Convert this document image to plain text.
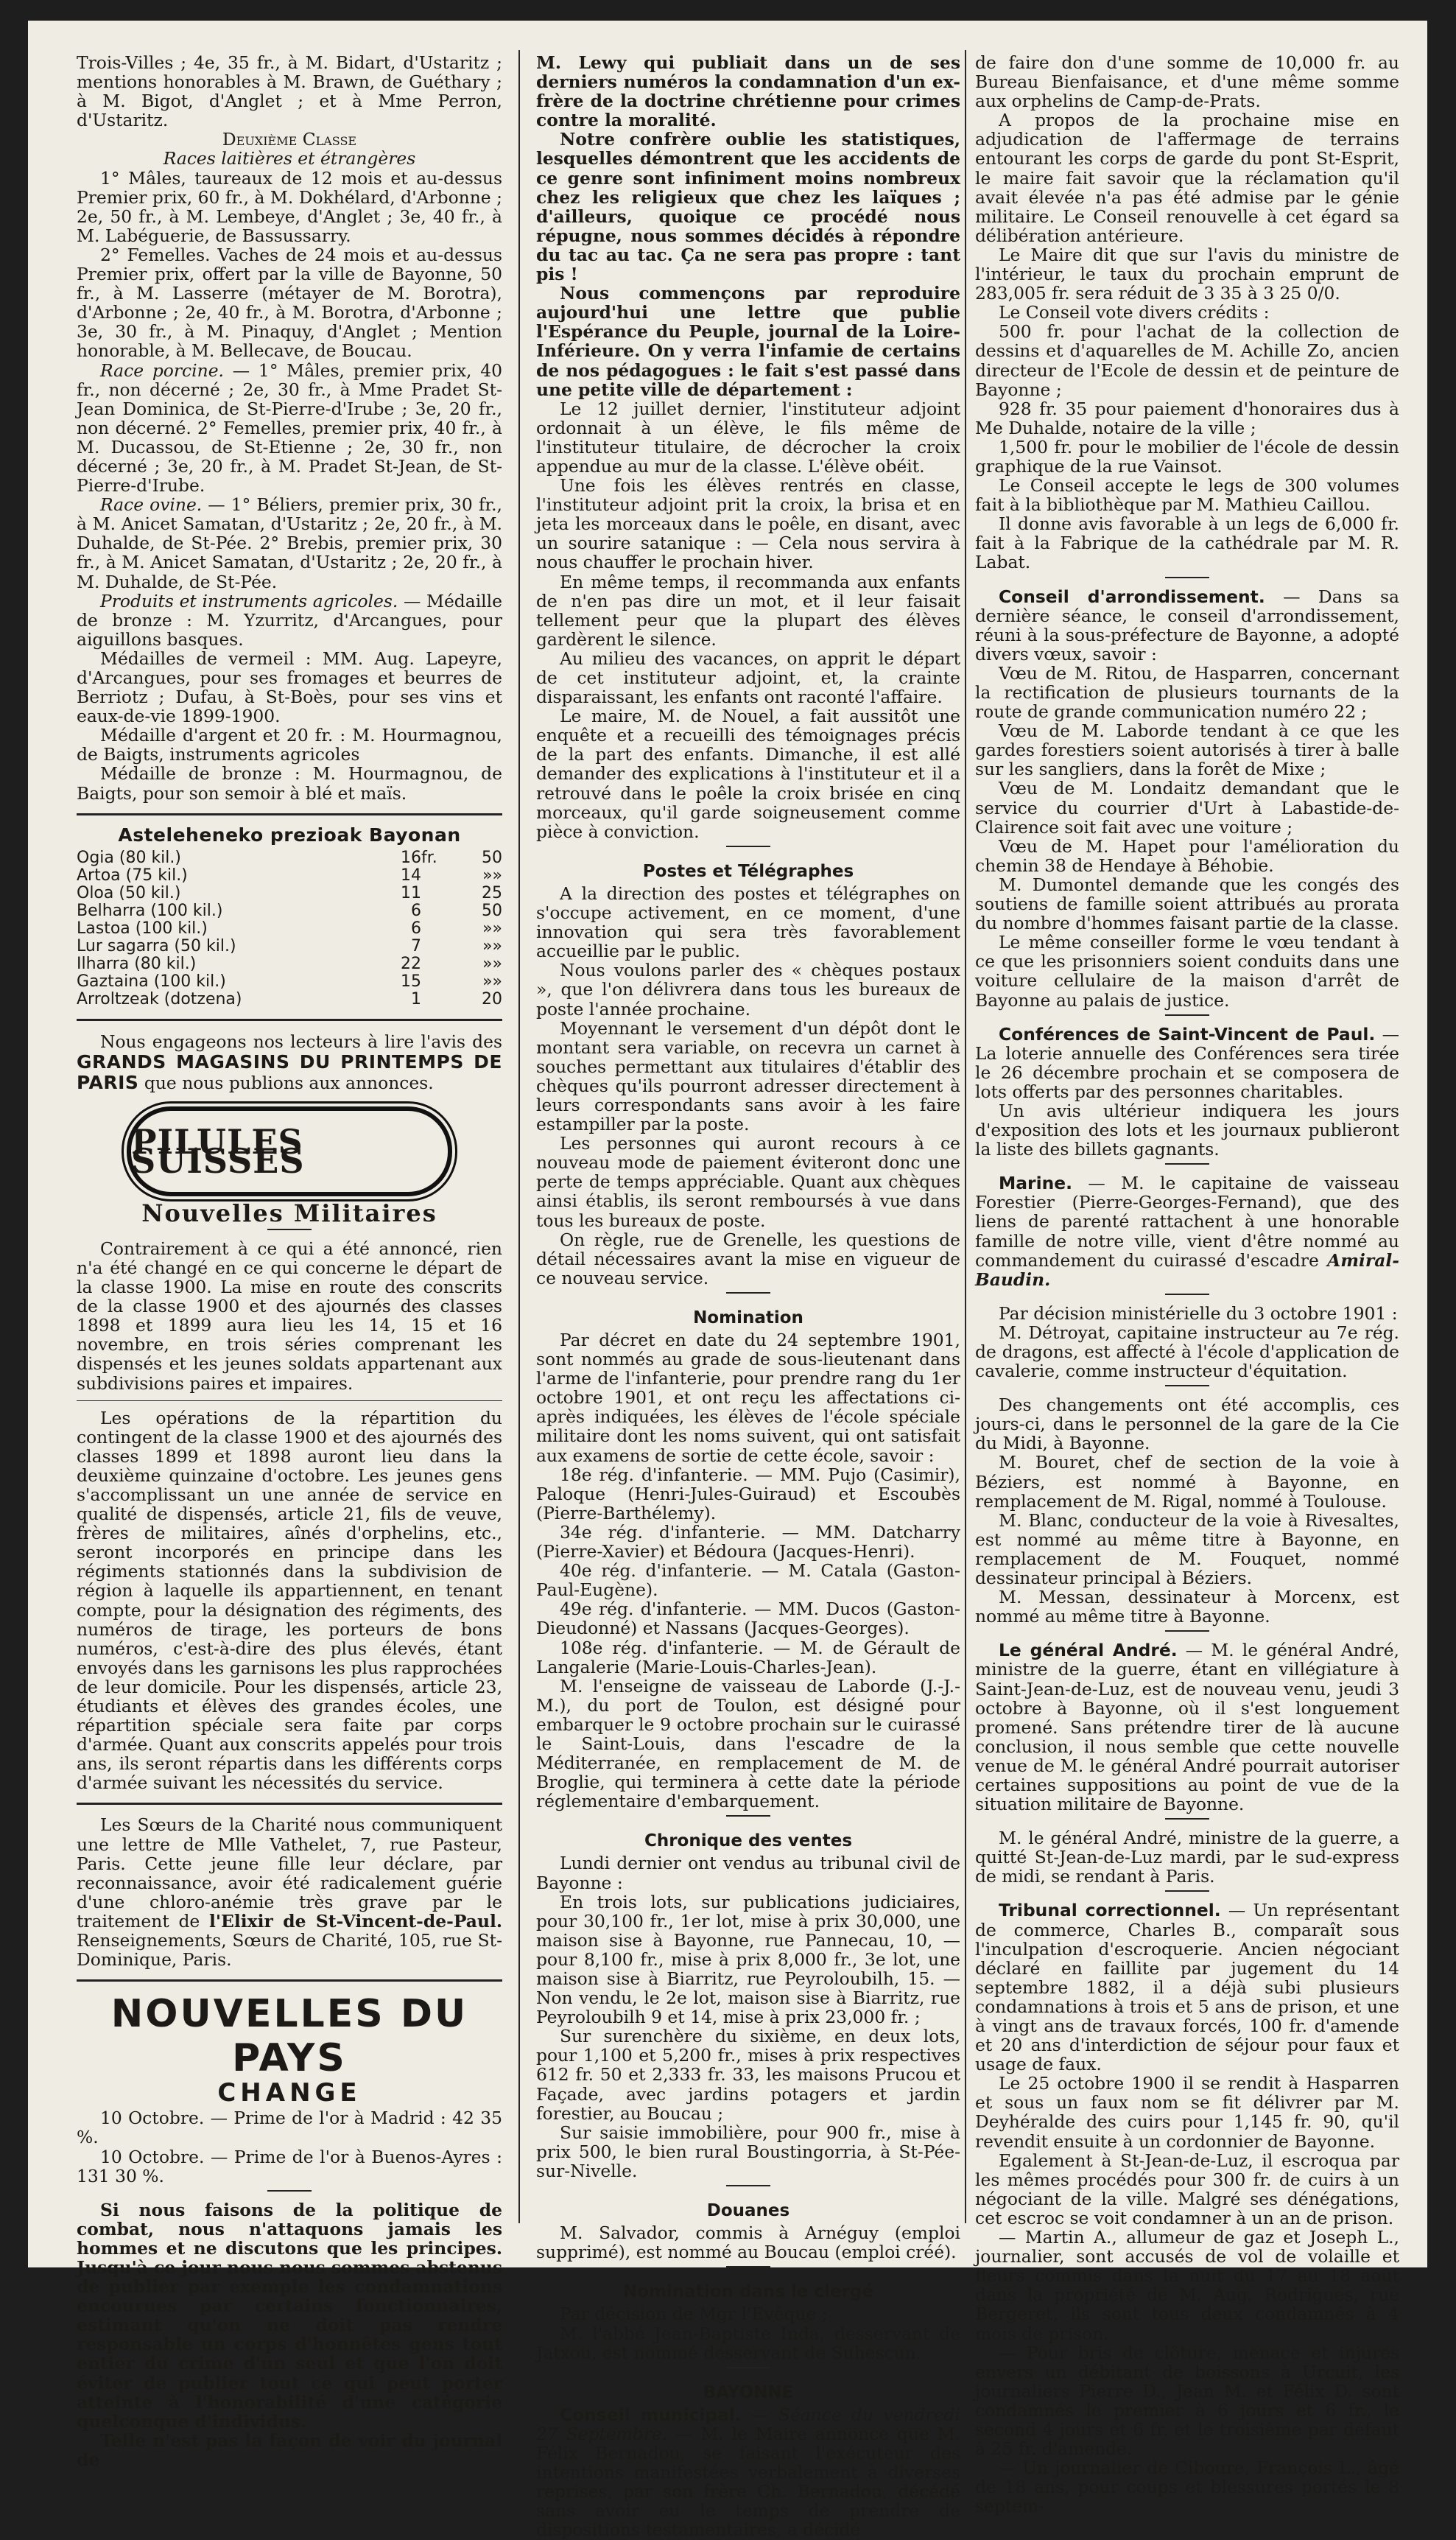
Trois-Villes ; 4e, 35 fr., à M. Bidart, d'Ustaritz ; mentions honorables à M. Brawn, de Guéthary ; à M. Bigot, d'Anglet ; et à Mme Perron, d'Ustaritz.

Deuxième Classe

Races laitières et étrangères

1° Mâles, taureaux de 12 mois et au-dessus Premier prix, 60 fr., à M. Dokhélard, d'Arbonne ; 2e, 50 fr., à M. Lembeye, d'Anglet ; 3e, 40 fr., à M. Labéguerie, de Bassussarry.

2° Femelles. Vaches de 24 mois et au-dessus Premier prix, offert par la ville de Bayonne, 50 fr., à M. Lasserre (métayer de M. Borotra), d'Arbonne ; 2e, 40 fr., à M. Borotra, d'Arbonne ; 3e, 30 fr., à M. Pinaquy, d'Anglet ; Mention honorable, à M. Bellecave, de Boucau.

Race porcine. — 1° Mâles, premier prix, 40 fr., non décerné ; 2e, 30 fr., à Mme Pradet St-Jean Dominica, de St-Pierre-d'Irube ; 3e, 20 fr., non décerné. 2° Femelles, premier prix, 40 fr., à M. Ducassou, de St-Etienne ; 2e, 30 fr., non décerné ; 3e, 20 fr., à M. Pradet St-Jean, de St-Pierre-d'Irube.

Race ovine. — 1° Béliers, premier prix, 30 fr., à M. Anicet Samatan, d'Ustaritz ; 2e, 20 fr., à M. Duhalde, de St-Pée. 2° Brebis, premier prix, 30 fr., à M. Anicet Samatan, d'Ustaritz ; 2e, 20 fr., à M. Duhalde, de St-Pée.

Produits et instruments agricoles. — Médaille de bronze : M. Yzurritz, d'Arcangues, pour aiguillons basques.

Médailles de vermeil : MM. Aug. Lapeyre, d'Arcangues, pour ses fromages et beurres de Berriotz ; Dufau, à St-Boès, pour ses vins et eaux-de-vie 1899-1900.

Médaille d'argent et 20 fr. : M. Hourmagnou, de Baigts, instruments agricoles

Médaille de bronze : M. Hourmagnou, de Baigts, pour son semoir à blé et maïs.

Asteleheneko prezioak Bayonan

Ogia (80 kil.)	16	fr.	50
Artoa (75 kil.)	14		»»
Oloa (50 kil.)	11		25
Belharra (100 kil.)	6		50
Lastoa (100 kil.)	6		»»
Lur sagarra (50 kil.)	7		»»
Ilharra (80 kil.)	22		»»
Gaztaina (100 kil.)	15		»»
Arroltzeak (dotzena)	1		20

Nous engageons nos lecteurs à lire l'avis des GRANDS MAGASINS DU PRINTEMPS DE PARIS que nous publions aux annonces.

PILULES SUISSES

Nouvelles Militaires

Contrairement à ce qui a été annoncé, rien n'a été changé en ce qui concerne le départ de la classe 1900. La mise en route des conscrits de la classe 1900 et des ajournés des classes 1898 et 1899 aura lieu les 14, 15 et 16 novembre, en trois séries comprenant les dispensés et les jeunes soldats appartenant aux subdivisions paires et impaires.

Les opérations de la répartition du contingent de la classe 1900 et des ajournés des classes 1899 et 1898 auront lieu dans la deuxième quinzaine d'octobre. Les jeunes gens s'accomplissant un une année de service en qualité de dispensés, article 21, fils de veuve, frères de militaires, aînés d'orphelins, etc., seront incorporés en principe dans les régiments stationnés dans la subdivision de région à laquelle ils appartiennent, en tenant compte, pour la désignation des régiments, des numéros de tirage, les porteurs de bons numéros, c'est-à-dire des plus élevés, étant envoyés dans les garnisons les plus rapprochées de leur domicile. Pour les dispensés, article 23, étudiants et élèves des grandes écoles, une répartition spéciale sera faite par corps d'armée. Quant aux conscrits appelés pour trois ans, ils seront répartis dans les différents corps d'armée suivant les nécessités du service.

Les Sœurs de la Charité nous communiquent une lettre de Mlle Vathelet, 7, rue Pasteur, Paris. Cette jeune fille leur déclare, par reconnaissance, avoir été radicalement guérie d'une chloro-anémie très grave par le traitement de l'Elixir de St-Vincent-de-Paul. Renseignements, Sœurs de Charité, 105, rue St-Dominique, Paris.

NOUVELLES DU PAYS

CHANGE

10 Octobre. — Prime de l'or à Madrid : 42 35 %.

10 Octobre. — Prime de l'or à Buenos-Ayres : 131 30 %.

Si nous faisons de la politique de combat, nous n'attaquons jamais les hommes et ne discutons que les principes. Jusqu'à ce jour nous nous sommes abstenus de publier par exemple les condamnations encourues par certains fonctionnaires, estimant qu'on ne doit pas rendre responsable un corps d'honnêtes gens tout entier du crime d'un seul et que l'on doit éviter de publier tout ce qui peut porter atteinte à l'honorabilité d'une catégorie quelconque d'individus.

Telle n'est pas la façon de voir du journal de

M. Lewy qui publiait dans un de ses derniers numéros la condamnation d'un ex-frère de la doctrine chrétienne pour crimes contre la moralité.

Notre confrère oublie les statistiques, lesquelles démontrent que les accidents de ce genre sont infiniment moins nombreux chez les religieux que chez les laïques ; d'ailleurs, quoique ce procédé nous répugne, nous sommes décidés à répondre du tac au tac. Ça ne sera pas propre : tant pis !

Nous commençons par reproduire aujourd'hui une lettre que publie l'Espérance du Peuple, journal de la Loire-Inférieure. On y verra l'infamie de certains de nos pédagogues : le fait s'est passé dans une petite ville de département :

Le 12 juillet dernier, l'instituteur adjoint ordonnait à un élève, le fils même de l'instituteur titulaire, de décrocher la croix appendue au mur de la classe. L'élève obéit.

Une fois les élèves rentrés en classe, l'instituteur adjoint prit la croix, la brisa et en jeta les morceaux dans le poêle, en disant, avec un sourire satanique : — Cela nous servira à nous chauffer le prochain hiver.

En même temps, il recommanda aux enfants de n'en pas dire un mot, et il leur faisait tellement peur que la plupart des élèves gardèrent le silence.

Au milieu des vacances, on apprit le départ de cet instituteur adjoint, et, la crainte disparaissant, les enfants ont raconté l'affaire.

Le maire, M. de Nouel, a fait aussitôt une enquête et a recueilli des témoignages précis de la part des enfants. Dimanche, il est allé demander des explications à l'instituteur et il a retrouvé dans le poêle la croix brisée en cinq morceaux, qu'il garde soigneusement comme pièce à conviction.

Postes et Télégraphes

A la direction des postes et télégraphes on s'occupe activement, en ce moment, d'une innovation qui sera très favorablement accueillie par le public.

Nous voulons parler des « chèques postaux », que l'on délivrera dans tous les bureaux de poste l'année prochaine.

Moyennant le versement d'un dépôt dont le montant sera variable, on recevra un carnet à souches permettant aux titulaires d'établir des chèques qu'ils pourront adresser directement à leurs correspondants sans avoir à les faire estampiller par la poste.

Les personnes qui auront recours à ce nouveau mode de paiement éviteront donc une perte de temps appréciable. Quant aux chèques ainsi établis, ils seront remboursés à vue dans tous les bureaux de poste.

On règle, rue de Grenelle, les questions de détail nécessaires avant la mise en vigueur de ce nouveau service.

Nomination

Par décret en date du 24 septembre 1901, sont nommés au grade de sous-lieutenant dans l'arme de l'infanterie, pour prendre rang du 1er octobre 1901, et ont reçu les affectations ci-après indiquées, les élèves de l'école spéciale militaire dont les noms suivent, qui ont satisfait aux examens de sortie de cette école, savoir :

18e rég. d'infanterie. — MM. Pujo (Casimir), Paloque (Henri-Jules-Guiraud) et Escoubès (Pierre-Barthélemy).

34e rég. d'infanterie. — MM. Datcharry (Pierre-Xavier) et Bédoura (Jacques-Henri).

40e rég. d'infanterie. — M. Catala (Gaston-Paul-Eugène).

49e rég. d'infanterie. — MM. Ducos (Gaston-Dieudonné) et Nassans (Jacques-Georges).

108e rég. d'infanterie. — M. de Gérault de Langalerie (Marie-Louis-Charles-Jean).

M. l'enseigne de vaisseau de Laborde (J.-J.-M.), du port de Toulon, est désigné pour embarquer le 9 octobre prochain sur le cuirassé le Saint-Louis, dans l'escadre de la Méditerranée, en remplacement de M. de Broglie, qui terminera à cette date la période réglementaire d'embarquement.

Chronique des ventes

Lundi dernier ont vendus au tribunal civil de Bayonne :

En trois lots, sur publications judiciaires, pour 30,100 fr., 1er lot, mise à prix 30,000, une maison sise à Bayonne, rue Pannecau, 10, — pour 8,100 fr., mise à prix 8,000 fr., 3e lot, une maison sise à Biarritz, rue Peyroloubilh, 15. — Non vendu, le 2e lot, maison sise à Biarritz, rue Peyroloubilh 9 et 14, mise à prix 23,000 fr. ;

Sur surenchère du sixième, en deux lots, pour 1,100 et 5,200 fr., mises à prix respectives 612 fr. 50 et 2,333 fr. 33, les maisons Prucou et Façade, avec jardins potagers et jardin forestier, au Boucau ;

Sur saisie immobilière, pour 900 fr., mise à prix 500, le bien rural Boustingorria, à St-Pée-sur-Nivelle.

Douanes

M. Salvador, commis à Arnéguy (emploi supprimé), est nommé au Boucau (emploi créé).

Nomination dans le clergé

Par décision de Mgr l'Evêque ;

M. l'abbé Jean-Baptiste Inda, desservant de Jatxou, est nommé desservant de Suhescun.

BAYONNE

Conseil municipal. — Séance du vendredi 27 Septembre. — M. le Maire annonce que M. Félix Bernadou, se faisant l'exécuteur des intentions manifestées verbalement à diverses reprises, par son frère Ch. Bernadou, décédé sans avoir eu le temps de prendre de dispositions testamentaires, a décidé

de faire don d'une somme de 10,000 fr. au Bureau Bienfaisance, et d'une même somme aux orphelins de Camp-de-Prats.

A propos de la prochaine mise en adjudication de l'affermage de terrains entourant les corps de garde du pont St-Esprit, le maire fait savoir que la réclamation qu'il avait élevée n'a pas été admise par le génie militaire. Le Conseil renouvelle à cet égard sa délibération antérieure.

Le Maire dit que sur l'avis du ministre de l'intérieur, le taux du prochain emprunt de 283,005 fr. sera réduit de 3 35 à 3 25 0/0.

Le Conseil vote divers crédits :

500 fr. pour l'achat de la collection de dessins et d'aquarelles de M. Achille Zo, ancien directeur de l'Ecole de dessin et de peinture de Bayonne ;

928 fr. 35 pour paiement d'honoraires dus à Me Duhalde, notaire de la ville ;

1,500 fr. pour le mobilier de l'école de dessin graphique de la rue Vainsot.

Le Conseil accepte le legs de 300 volumes fait à la bibliothèque par M. Mathieu Caillou.

Il donne avis favorable à un legs de 6,000 fr. fait à la Fabrique de la cathédrale par M. R. Labat.

Conseil d'arrondissement. — Dans sa dernière séance, le conseil d'arrondissement, réuni à la sous-préfecture de Bayonne, a adopté divers vœux, savoir :

Vœu de M. Ritou, de Hasparren, concernant la rectification de plusieurs tournants de la route de grande communication numéro 22 ;

Vœu de M. Laborde tendant à ce que les gardes forestiers soient autorisés à tirer à balle sur les sangliers, dans la forêt de Mixe ;

Vœu de M. Londaitz demandant que le service du courrier d'Urt à Labastide-de-Clairence soit fait avec une voiture ;

Vœu de M. Hapet pour l'amélioration du chemin 38 de Hendaye à Béhobie.

M. Dumontel demande que les congés des soutiens de famille soient attribués au prorata du nombre d'hommes faisant partie de la classe.

Le même conseiller forme le vœu tendant à ce que les prisonniers soient conduits dans une voiture cellulaire de la maison d'arrêt de Bayonne au palais de justice.

Conférences de Saint-Vincent de Paul. — La loterie annuelle des Conférences sera tirée le 26 décembre prochain et se composera de lots offerts par des personnes charitables.

Un avis ultérieur indiquera les jours d'exposition des lots et les journaux publieront la liste des billets gagnants.

Marine. — M. le capitaine de vaisseau Forestier (Pierre-Georges-Fernand), que des liens de parenté rattachent à une honorable famille de notre ville, vient d'être nommé au commandement du cuirassé d'escadre Amiral-Baudin.

Par décision ministérielle du 3 octobre 1901 :

M. Détroyat, capitaine instructeur au 7e rég. de dragons, est affecté à l'école d'application de cavalerie, comme instructeur d'équitation.

Des changements ont été accomplis, ces jours-ci, dans le personnel de la gare de la Cie du Midi, à Bayonne.

M. Bouret, chef de section de la voie à Béziers, est nommé à Bayonne, en remplacement de M. Rigal, nommé à Toulouse.

M. Blanc, conducteur de la voie à Rivesaltes, est nommé au même titre à Bayonne, en remplacement de M. Fouquet, nommé dessinateur principal à Béziers.

M. Messan, dessinateur à Morcenx, est nommé au même titre à Bayonne.

Le général André. — M. le général André, ministre de la guerre, étant en villégiature à Saint-Jean-de-Luz, est de nouveau venu, jeudi 3 octobre à Bayonne, où il s'est longuement promené. Sans prétendre tirer de là aucune conclusion, il nous semble que cette nouvelle venue de M. le général André pourrait autoriser certaines suppositions au point de vue de la situation militaire de Bayonne.

M. le général André, ministre de la guerre, a quitté St-Jean-de-Luz mardi, par le sud-express de midi, se rendant à Paris.

Tribunal correctionnel. — Un représentant de commerce, Charles B., comparaît sous l'inculpation d'escroquerie. Ancien négociant déclaré en faillite par jugement du 14 septembre 1882, il a déjà subi plusieurs condamnations à trois et 5 ans de prison, et une à vingt ans de travaux forcés, 100 fr. d'amende et 20 ans d'interdiction de séjour pour faux et usage de faux.

Le 25 octobre 1900 il se rendit à Hasparren et sous un faux nom se fit délivrer par M. Deyhéralde des cuirs pour 1,145 fr. 90, qu'il revendit ensuite à un cordonnier de Bayonne.

Egalement à St-Jean-de-Luz, il escroqua par les mêmes procédés pour 300 fr. de cuirs à un négociant de la ville. Malgré ses dénégations, cet escroc se voit condamner à un an de prison.

— Martin A., allumeur de gaz et Joseph L., journalier, sont accusés de vol de volaille et fleurs commis dans la nuit du 17 au 18 août dans la propriété de M. Aug. Rodrigues, rue Bergeret, ils sont tous deux condamnés à 4 mois de prison.

— Pour bris de clôture, menace et injures envers un débitant de boissons à Urcuit, les journaliers Pierre D., Jean M. et Félix D. sont condamnés le premier à 6 jours et 6 fr., le second 4 jours et 6 fr. et le troisième par défaut à 25 fr. d'amende.

— Un journalier de Ciboure, François L., âgé de 18 ans, pour coups et blessures portés le 8 septem-
